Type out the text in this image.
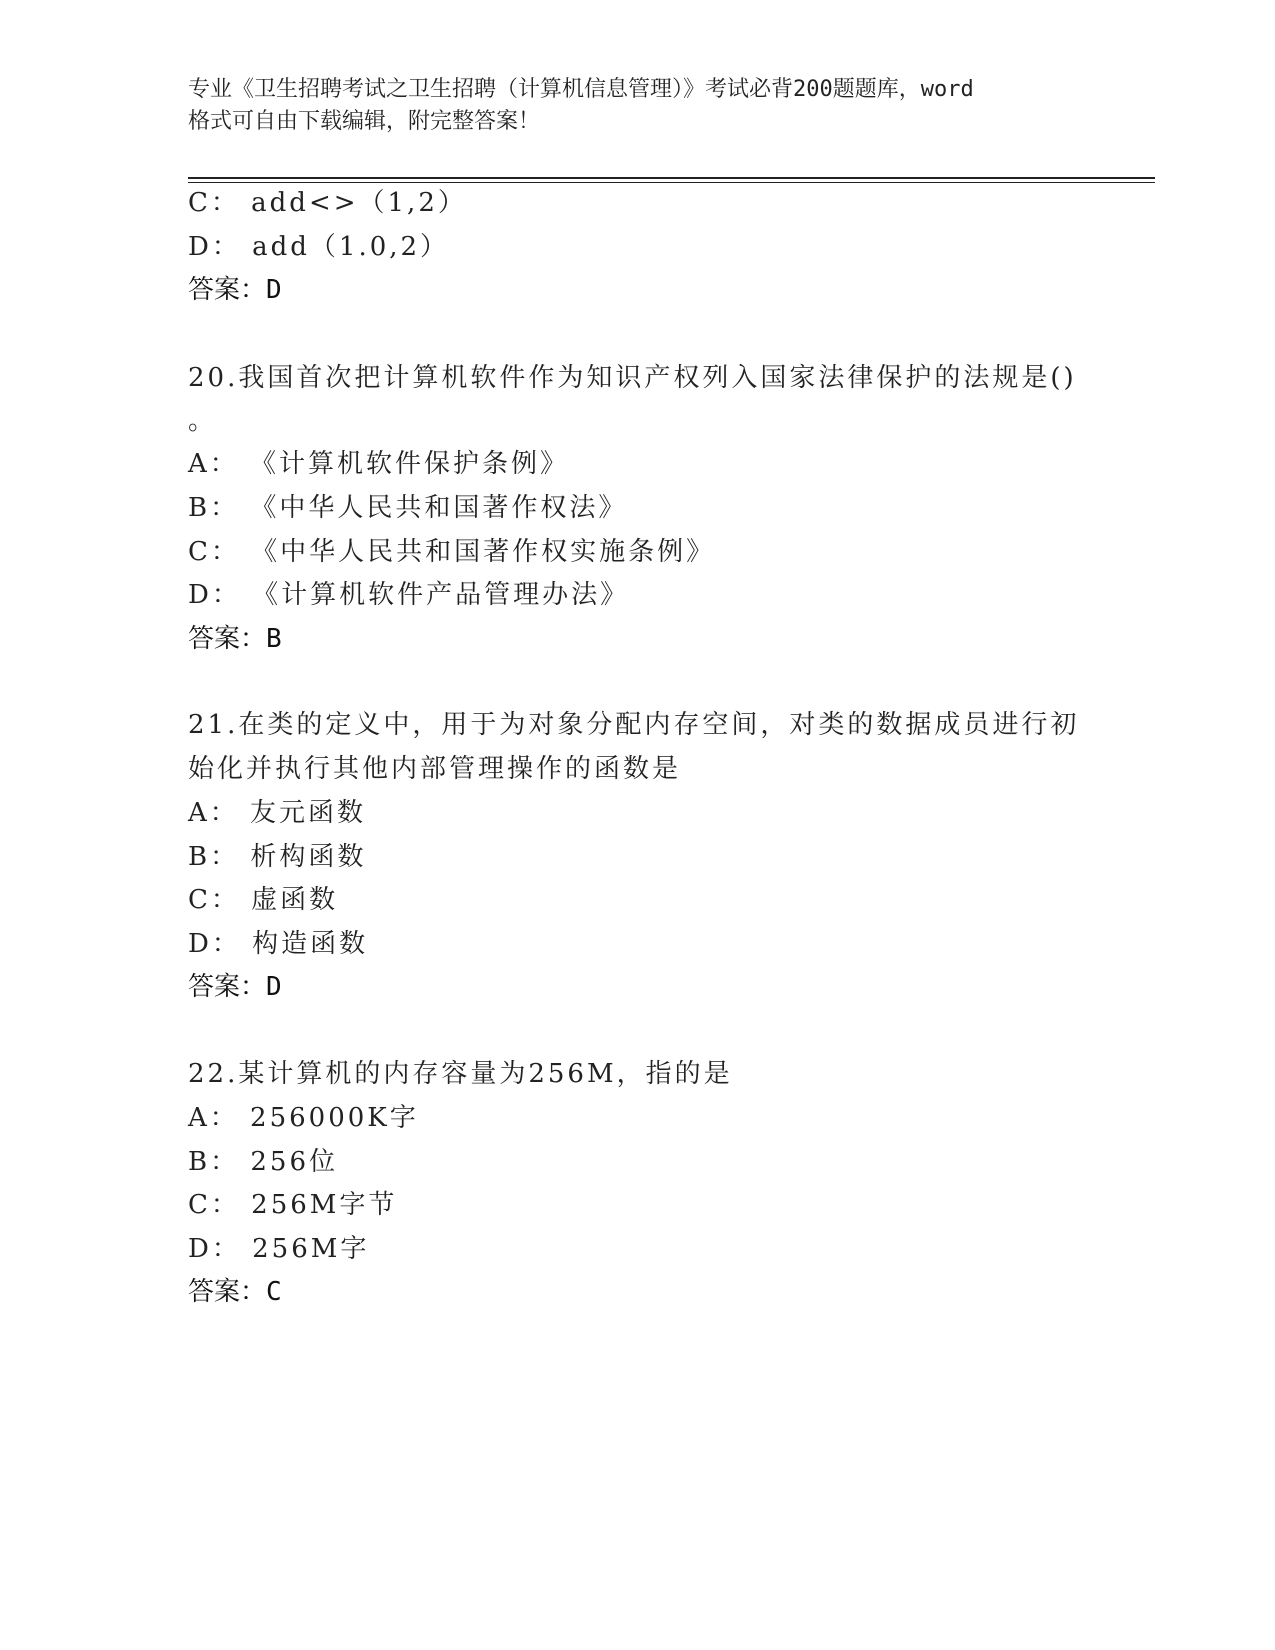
专业《卫生招聘考试之卫生招聘（计算机信息管理）》考试必背200题题库，word
格式可自由下载编辑，附完整答案！
C： add<>（1,2）
D： add（1.0,2）
答案：D
20.我国首次把计算机软件作为知识产权列入国家法律保护的法规是()
。
A： 《计算机软件保护条例》
B： 《中华人民共和国著作权法》
C： 《中华人民共和国著作权实施条例》
D： 《计算机软件产品管理办法》
答案：B
21.在类的定义中，用于为对象分配内存空间，对类的数据成员进行初
始化并执行其他内部管理操作的函数是
A： 友元函数
B： 析构函数
C： 虚函数
D： 构造函数
答案：D
22.某计算机的内存容量为256M，指的是
A： 256000K字
B： 256位
C： 256M字节
D： 256M字
答案：C
